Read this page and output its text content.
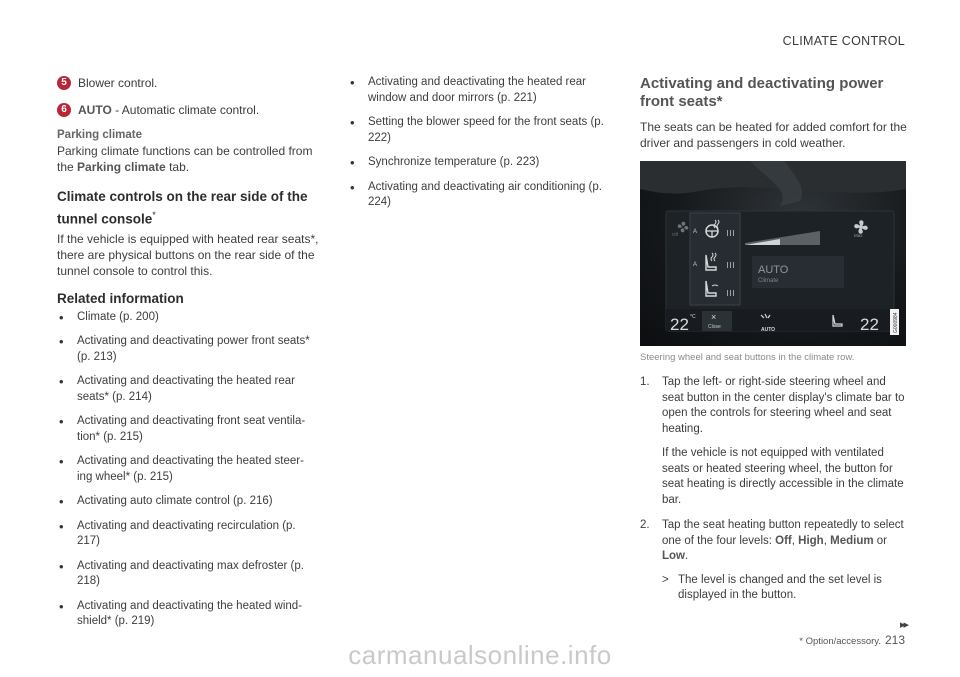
CLIMATE CONTROL
5 Blower control.
6 AUTO - Automatic climate control.
Parking climate

Parking climate functions can be controlled from the Parking climate tab.

Climate controls on the rear side of the tunnel console*

If the vehicle is equipped with heated rear seats*, there are physical buttons on the rear side of the tunnel console to control this.

Related information
• Climate (p. 200)
• Activating and deactivating power front seats* (p. 213)
• Activating and deactivating the heated rear seats* (p. 214)
• Activating and deactivating front seat ventila- tion* (p. 215)
• Activating and deactivating the heated steer- ing wheel* (p. 215)
• Activating auto climate control (p. 216)
• Activating and deactivating recirculation (p. 217)
• Activating and deactivating max defroster (p. 218)
• Activating and deactivating the heated wind- shield* (p. 219)
• Activating and deactivating the heated rear window and door mirrors (p. 221)
• Setting the blower speed for the front seats (p. 222)
• Synchronize temperature (p. 223)
• Activating and deactivating air conditioning (p. 224)
Activating and deactivating power front seats*

The seats can be heated for added comfort for the driver and passengers in cold weather.

A
A	AUTO
Climate
Off	Max
22 °C ×
Close	AUTO	22	G000984
Steering wheel and seat buttons in the climate row.
1. Tap the left- or right-side steering wheel and seat button in the center display's climate bar to open the controls for steering wheel and seat heating.
If the vehicle is not equipped with ventilated seats or heated steering wheel, the button for seat heating is directly accessible in the climate bar.
2. Tap the seat heating button repeatedly to select one of the four levels: Off, High, Medium or Low.
> The level is changed and the set level is displayed in the button.
▸▸
* Option/accessory. 213
carmanualsonline.info
